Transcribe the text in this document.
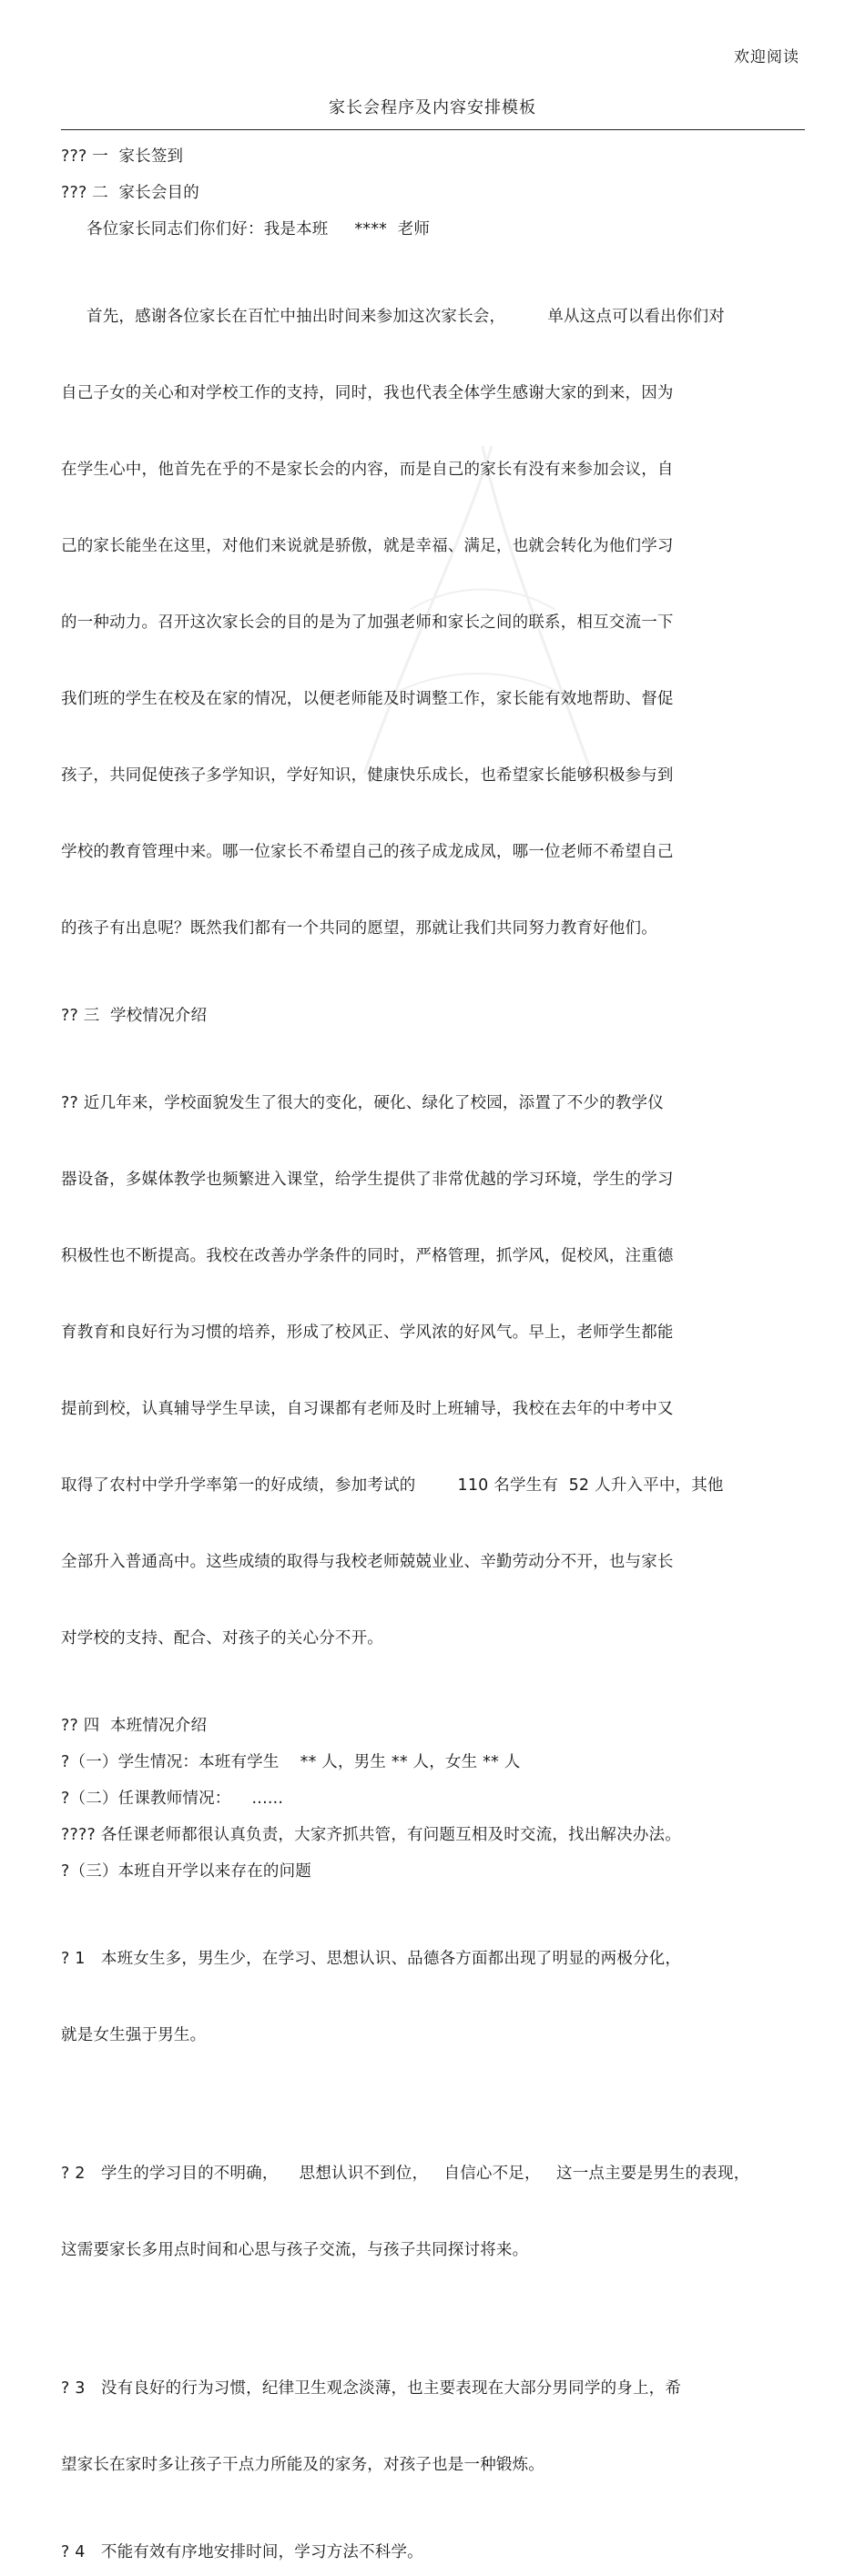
欢迎阅读
家长会程序及内容安排模板
??? 一  家长签到
??? 二  家长会目的
各位家长同志们你们好：我是本班     ****  老师

首先，感谢各位家长在百忙中抽出时间来参加这次家长会，        单从这点可以看出你们对

自己子女的关心和对学校工作的支持，同时，我也代表全体学生感谢大家的到来，因为

在学生心中，他首先在乎的不是家长会的内容，而是自己的家长有没有来参加会议，自

己的家长能坐在这里，对他们来说就是骄傲，就是幸福、满足，也就会转化为他们学习

的一种动力。召开这次家长会的目的是为了加强老师和家长之间的联系，相互交流一下

我们班的学生在校及在家的情况，以便老师能及时调整工作，家长能有效地帮助、督促

孩子，共同促使孩子多学知识，学好知识，健康快乐成长，也希望家长能够积极参与到

学校的教育管理中来。哪一位家长不希望自己的孩子成龙成凤，哪一位老师不希望自己

的孩子有出息呢？既然我们都有一个共同的愿望，那就让我们共同努力教育好他们。

?? 三  学校情况介绍

?? 近几年来，学校面貌发生了很大的变化，硬化、绿化了校园，添置了不少的教学仪

器设备，多媒体教学也频繁进入课堂，给学生提供了非常优越的学习环境，学生的学习

积极性也不断提高。我校在改善办学条件的同时，严格管理，抓学风，促校风，注重德

育教育和良好行为习惯的培养，形成了校风正、学风浓的好风气。早上，老师学生都能

提前到校，认真辅导学生早读，自习课都有老师及时上班辅导，我校在去年的中考中又

取得了农村中学升学率第一的好成绩，参加考试的        110 名学生有  52 人升入平中，其他

全部升入普通高中。这些成绩的取得与我校老师兢兢业业、辛勤劳动分不开，也与家长

对学校的支持、配合、对孩子的关心分不开。

?? 四  本班情况介绍
?（一）学生情况：本班有学生    ** 人，男生 ** 人，女生 ** 人
?（二）任课教师情况：    ......
???? 各任课老师都很认真负责，大家齐抓共管，有问题互相及时交流，找出解决办法。
?（三）本班自开学以来存在的问题

? 1   本班女生多，男生少，在学习、思想认识、品德各方面都出现了明显的两极分化，

就是女生强于男生。

? 2   学生的学习目的不明确，    思想认识不到位，   自信心不足，   这一点主要是男生的表现，

这需要家长多用点时间和心思与孩子交流，与孩子共同探讨将来。

? 3   没有良好的行为习惯，纪律卫生观念淡薄，也主要表现在大部分男同学的身上，希

望家长在家时多让孩子干点力所能及的家务，对孩子也是一种锻炼。

? 4   不能有效有序地安排时间，学习方法不科学。
